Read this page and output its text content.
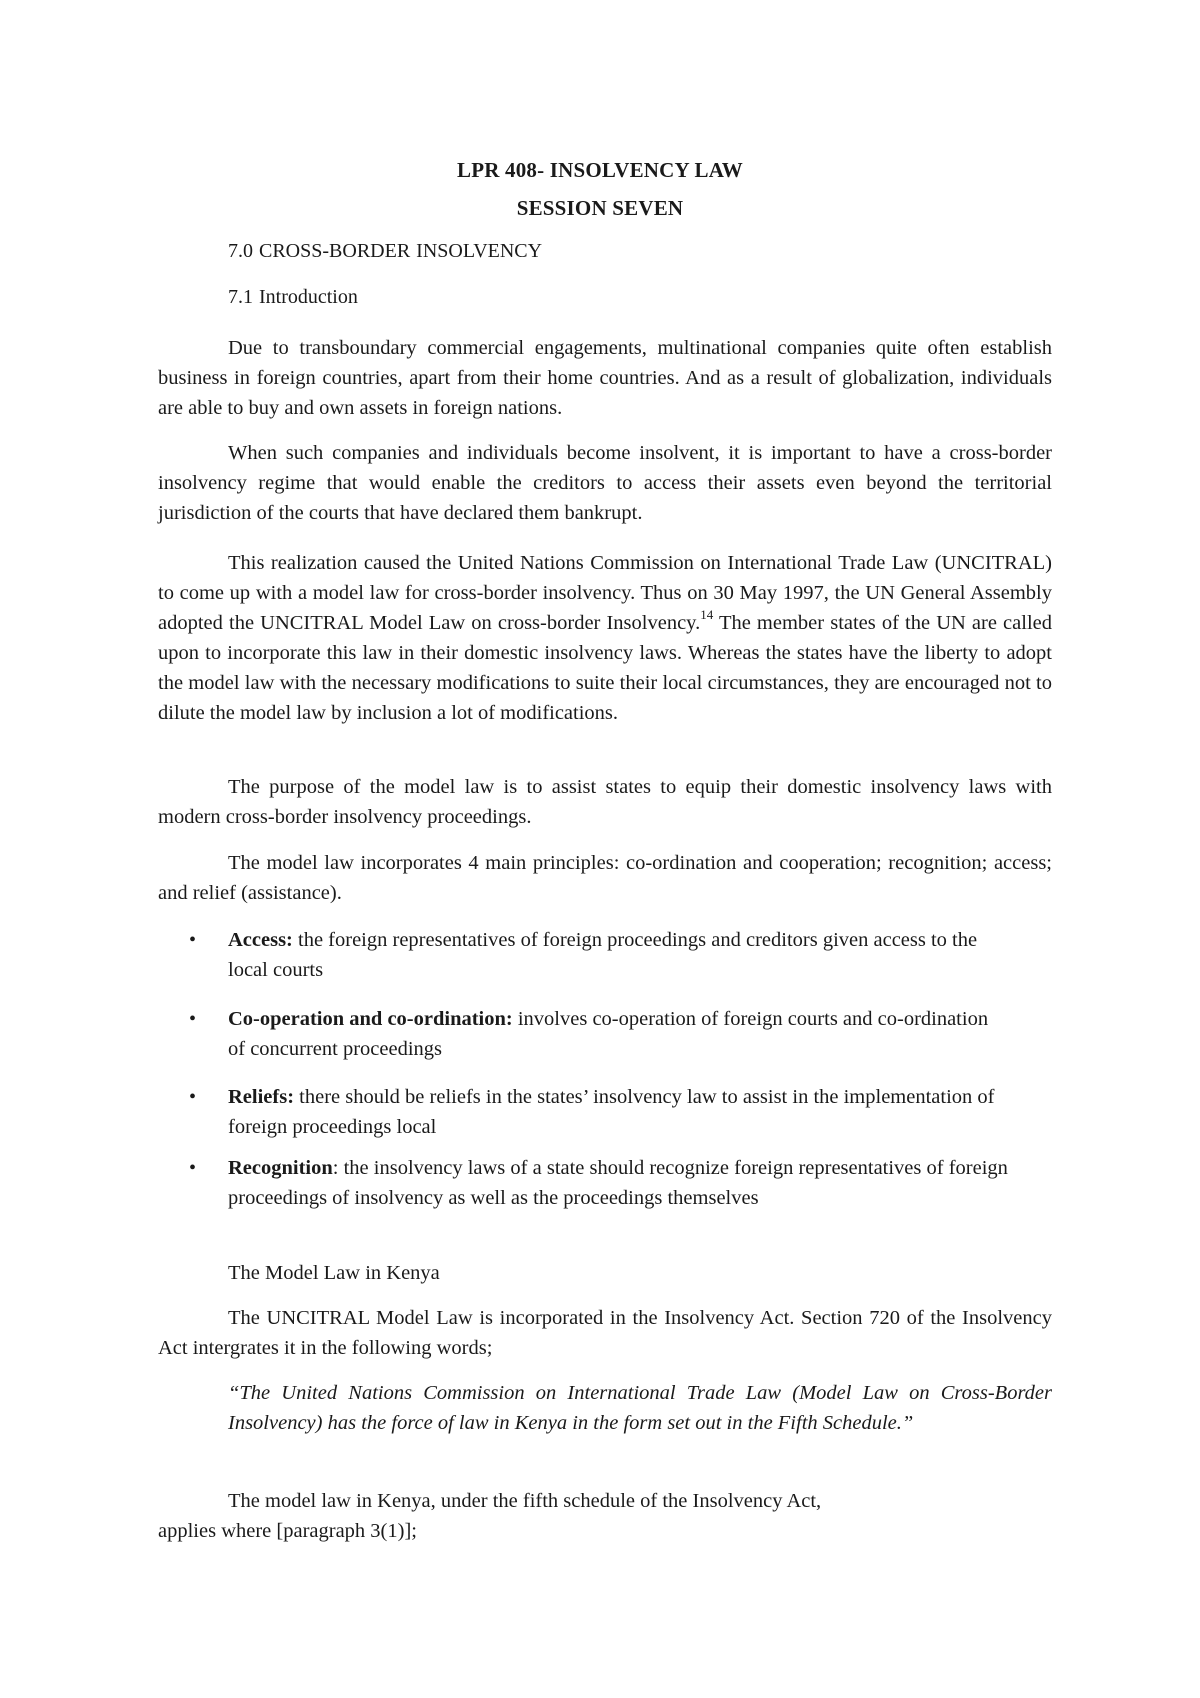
LPR 408- INSOLVENCY LAW
SESSION SEVEN
7.0 CROSS-BORDER INSOLVENCY
7.1 Introduction

Due to transboundary commercial engagements, multinational companies quite often establish business in foreign countries, apart from their home countries. And as a result of globalization, individuals are able to buy and own assets in foreign nations.

When such companies and individuals become insolvent, it is important to have a cross-border insolvency regime that would enable the creditors to access their assets even beyond the territorial jurisdiction of the courts that have declared them bankrupt.

This realization caused the United Nations Commission on International Trade Law (UNCITRAL) to come up with a model law for cross-border insolvency. Thus on 30 May 1997, the UN General Assembly adopted the UNCITRAL Model Law on cross-border Insolvency.$^{14}$ The member states of the UN are called upon to incorporate this law in their domestic insolvency laws. Whereas the states have the liberty to adopt the model law with the necessary modifications to suite their local circumstances, they are encouraged not to dilute the model law by inclusion a lot of modifications.

The purpose of the model law is to assist states to equip their domestic insolvency laws with modern cross-border insolvency proceedings.

The model law incorporates 4 main principles: co-ordination and cooperation; recognition; access; and relief (assistance).

• Access: the foreign representatives of foreign proceedings and creditors given access to the local courts
• Co-operation and co-ordination: involves co-operation of foreign courts and co-ordination of concurrent proceedings
• Reliefs: there should be reliefs in the states’ insolvency law to assist in the implementation of foreign proceedings local
• Recognition: the insolvency laws of a state should recognize foreign representatives of foreign proceedings of insolvency as well as the proceedings themselves
The Model Law in Kenya

The UNCITRAL Model Law is incorporated in the Insolvency Act. Section 720 of the Insolvency Act intergrates it in the following words;

“The United Nations Commission on International Trade Law (Model Law on Cross-Border Insolvency) has the force of law in Kenya in the form set out in the Fifth Schedule.”

The model law in Kenya, under the fifth schedule of the Insolvency Act,
applies where [paragraph 3(1)];
